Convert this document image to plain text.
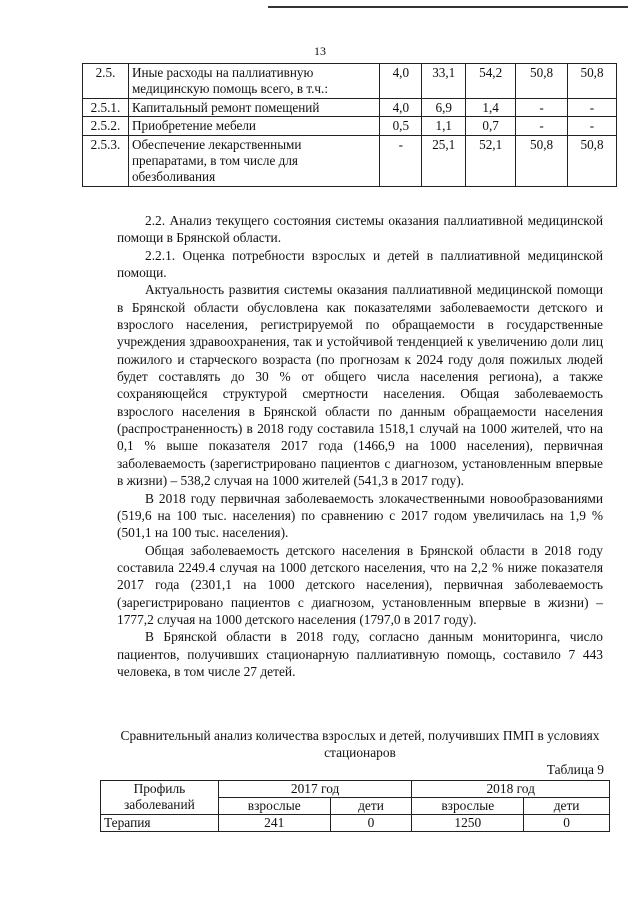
13
2.5.	Иные расходы на паллиативную медицинскую помощь всего, в т.ч.:	4,0	33,1	54,2	50,8	50,8
2.5.1.	Капитальный ремонт помещений	4,0	6,9	1,4	-	-
2.5.2.	Приобретение мебели	0,5	1,1	0,7	-	-
2.5.3.	Обеспечение лекарственными препаратами, в том числе для обезболивания	-	25,1	52,1	50,8	50,8

2.2. Анализ текущего состояния системы оказания паллиативной медицинской помощи в Брянской области.

2.2.1. Оценка потребности взрослых и детей в паллиативной медицинской помощи.

Актуальность развития системы оказания паллиативной медицинской помощи в Брянской области обусловлена как показателями заболеваемости детского и взрослого населения, регистрируемой по обращаемости в государственные учреждения здравоохранения, так и устойчивой тенденцией к увеличению доли лиц пожилого и старческого возраста (по прогнозам к 2024 году доля пожилых людей будет составлять до 30 % от общего числа населения региона), а также сохраняющейся структурой смертности населения. Общая заболеваемость взрослого населения в Брянской области по данным обращаемости населения (распространенность) в 2018 году составила 1518,1 случай на 1000 жителей, что на 0,1 % выше показателя 2017 года (1466,9 на 1000 населения), первичная заболеваемость (зарегистрировано пациентов с диагнозом, установленным впервые в жизни) – 538,2 случая на 1000 жителей (541,3 в 2017 году).

В 2018 году первичная заболеваемость злокачественными новообразованиями (519,6 на 100 тыс. населения) по сравнению с 2017 годом увеличилась на 1,9 % (501,1 на 100 тыс. населения).

Общая заболеваемость детского населения в Брянской области в 2018 году составила 2249.4 случая на 1000 детского населения, что на 2,2 % ниже показателя 2017 года (2301,1 на 1000 детского населения), первичная заболеваемость (зарегистрировано пациентов с диагнозом, установленным впервые в жизни) – 1777,2 случая на 1000 детского населения (1797,0 в 2017 году).

В Брянской области в 2018 году, согласно данным мониторинга, число пациентов, получивших стационарную паллиативную помощь, составило 7 443 человека, в том числе 27 детей.

Сравнительный анализ количества взрослых и детей, получивших ПМП в условиях стационаров
Таблица 9
Профиль заболеваний	2017 год		2018 год	
	взрослые	дети	взрослые	дети
Терапия	241	0	1250	0
